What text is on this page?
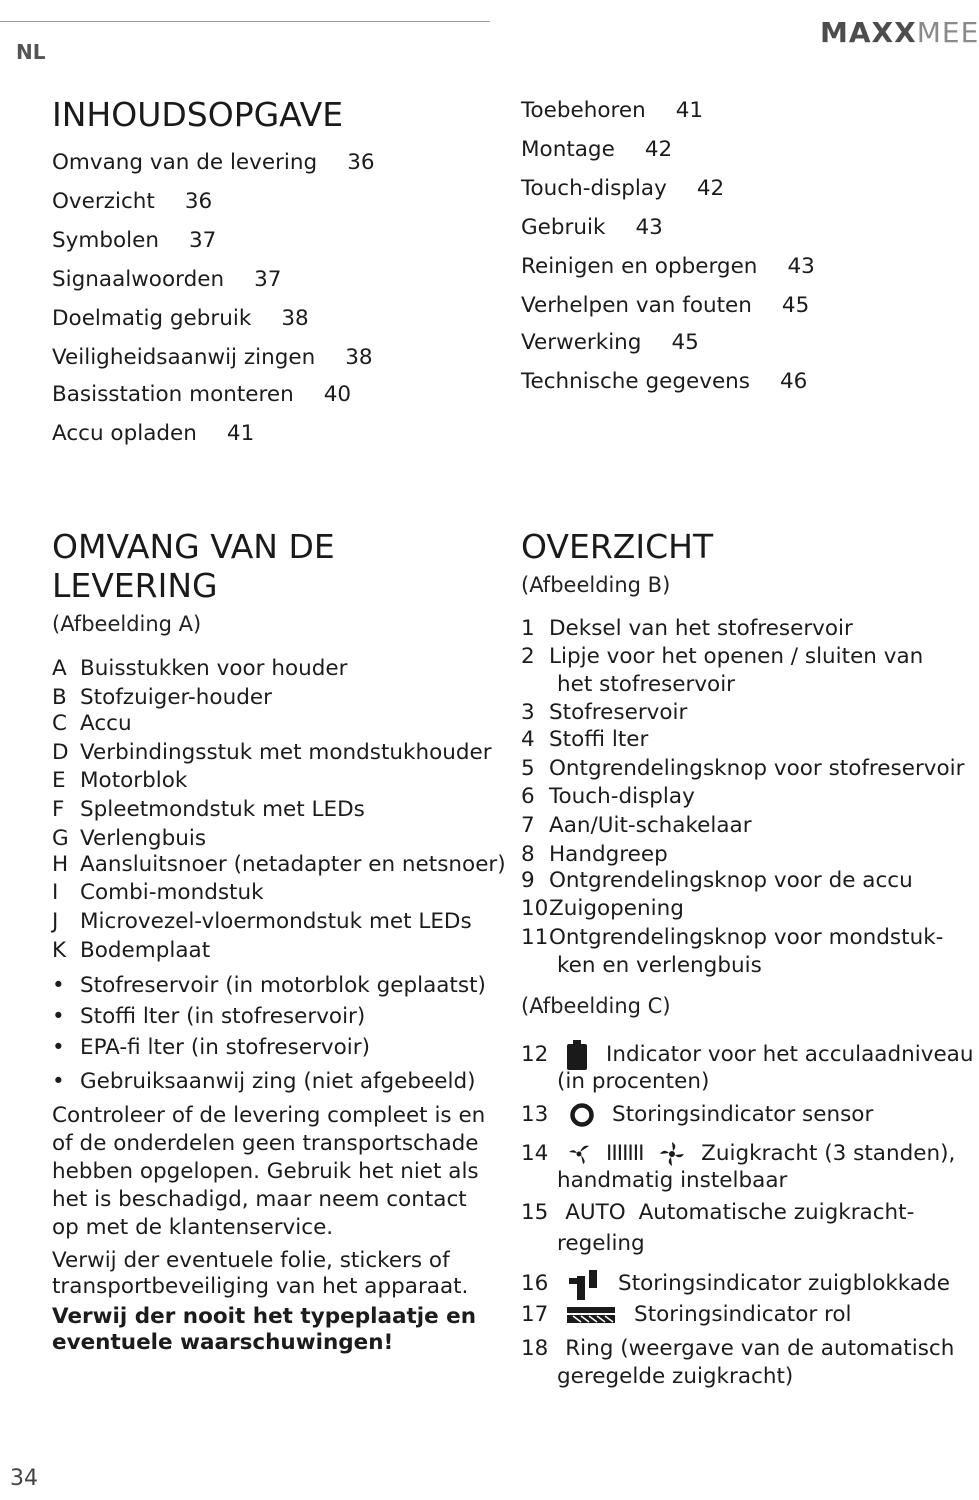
NL
MAXXMEE
INHOUDSOPGAVE
Omvang van de levering 36
Overzicht 36
Symbolen 37
Signaalwoorden 37
Doelmatig gebruik 38
Veiligheidsaanwij zingen 38
Basisstation monteren 40
Accu opladen 41
Toebehoren 41
Montage 42
Touch-display 42
Gebruik 43
Reinigen en opbergen 43
Verhelpen van fouten 45
Verwerking 45
Technische gegevens 46
OMVANG VAN DE
LEVERING
(Afbeelding A)
A Buisstukken voor houder
B Stofzuiger-houder
C Accu
D Verbindingsstuk met mondstukhouder
E Motorblok
F Spleetmondstuk met LEDs
G Verlengbuis
H Aansluitsnoer (netadapter en netsnoer)
I Combi-mondstuk
J Microvezel-vloermondstuk met LEDs
K Bodemplaat
• Stofreservoir (in motorblok geplaatst)
• Stoffi lter (in stofreservoir)
• EPA-fi lter (in stofreservoir)
• Gebruiksaanwij zing (niet afgebeeld)
Controleer of de levering compleet is en of de onderdelen geen transportschade hebben opgelopen. Gebruik het niet als het is beschadigd, maar neem contact op met de klantenservice.
Verwij der eventuele folie, stickers of transportbeveiliging van het apparaat.
Verwij der nooit het typeplaatje en eventuele waarschuwingen!
OVERZICHT
(Afbeelding B)
1 Deksel van het stofreservoir
2 Lipje voor het openen / sluiten van
het stofreservoir
3 Stofreservoir
4 Stoffi lter
5 Ontgrendelingsknop voor stofreservoir
6 Touch-display
7 Aan/Uit-schakelaar
8 Handgreep
9 Ontgrendelingsknop voor de accu
10Zuigopening
11Ontgrendelingsknop voor mondstuk-
ken en verlengbuis
(Afbeelding C)
12	Indicator voor het acculaadniveau
(in procenten)
13	Storingsindicator sensor
14	IIIIIII	Zuigkracht (3 standen),
handmatig instelbaar
15 AUTO Automatische zuigkracht-
regeling
16	Storingsindicator zuigblokkade
17	Storingsindicator rol
18 Ring (weergave van de automatisch
geregelde zuigkracht)
34
